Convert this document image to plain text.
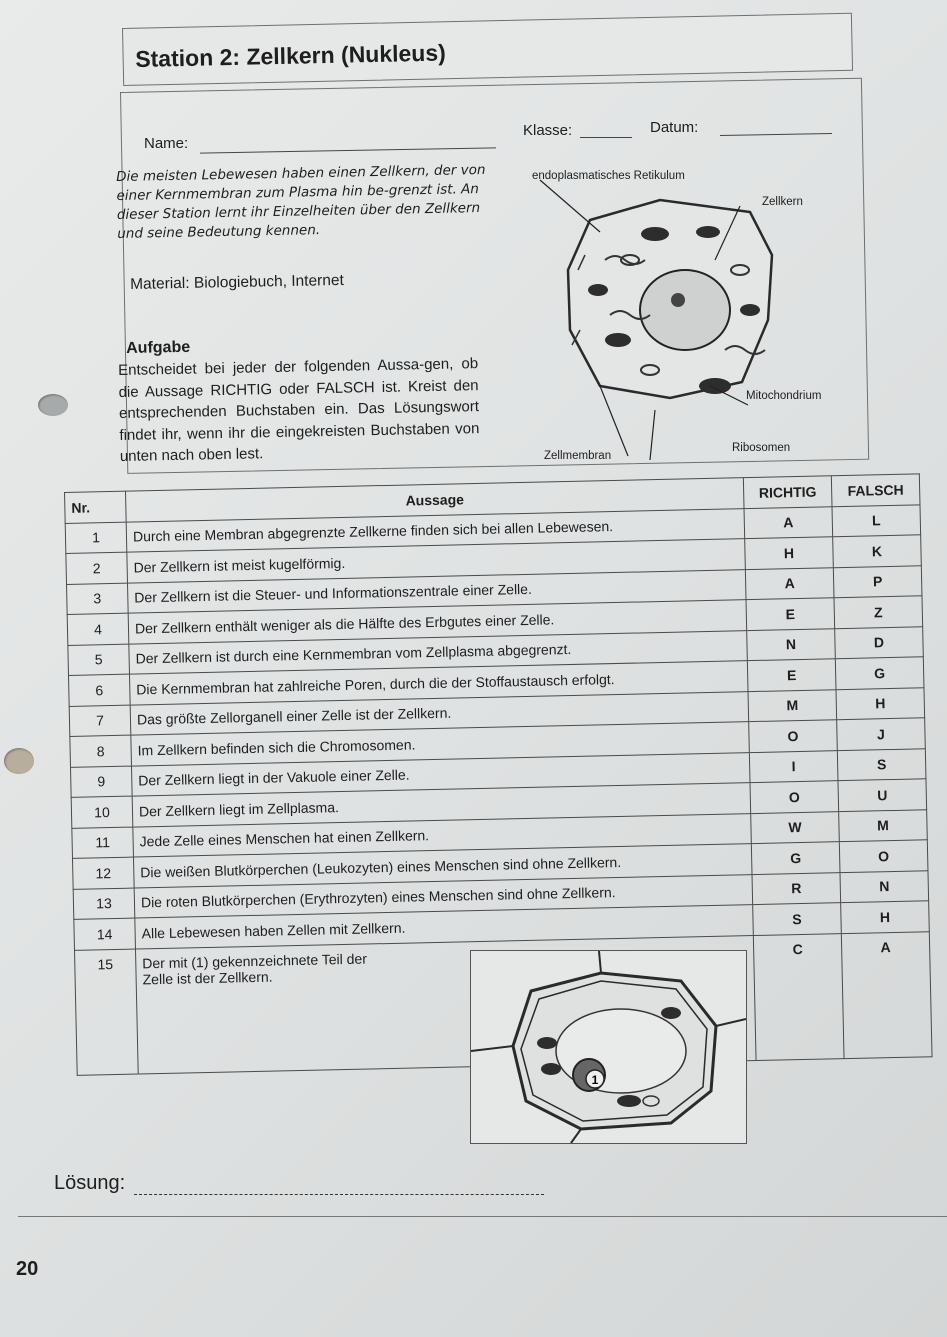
Station 2: Zellkern (Nukleus)
Name:
Klasse:	Datum:
Die meisten Lebewesen haben einen Zellkern, der von einer Kernmembran zum Plasma hin be-grenzt ist. An dieser Station lernt ihr Einzelheiten über den Zellkern und seine Bedeutung kennen.
Material: Biologiebuch, Internet
Aufgabe
Entscheidet bei jeder der folgenden Aussa-gen, ob die Aussage RICHTIG oder FALSCH ist. Kreist den entsprechenden Buchstaben ein. Das Lösungswort findet ihr, wenn ihr die eingekreisten Buchstaben von unten nach oben lest.
endoplasmatisches Retikulum
Zellkern
Mitochondrium
Zellmembran
Ribosomen
Nr.	Aussage	RICHTIG	FALSCH
1	Durch eine Membran abgegrenzte Zellkerne finden sich bei allen Lebewesen.	A	L
2	Der Zellkern ist meist kugelförmig.	H	K
3	Der Zellkern ist die Steuer- und Informationszentrale einer Zelle.	A	P
4	Der Zellkern enthält weniger als die Hälfte des Erbgutes einer Zelle.	E	Z
5	Der Zellkern ist durch eine Kernmembran vom Zellplasma abgegrenzt.	N	D
6	Die Kernmembran hat zahlreiche Poren, durch die der Stoffaustausch erfolgt.	E	G
7	Das größte Zellorganell einer Zelle ist der Zellkern.	M	H
8	Im Zellkern befinden sich die Chromosomen.	O	J
9	Der Zellkern liegt in der Vakuole einer Zelle.	I	S
10	Der Zellkern liegt im Zellplasma.	O	U
11	Jede Zelle eines Menschen hat einen Zellkern.	W	M
12	Die weißen Blutkörperchen (Leukozyten) eines Menschen sind ohne Zellkern.	G	O
13	Die roten Blutkörperchen (Erythrozyten) eines Menschen sind ohne Zellkern.	R	N
14	Alle Lebewesen haben Zellen mit Zellkern.	S	H
15	Der mit (1) gekennzeichnete Teil der Zelle ist der Zellkern.	C	A
1
Lösung:
20
